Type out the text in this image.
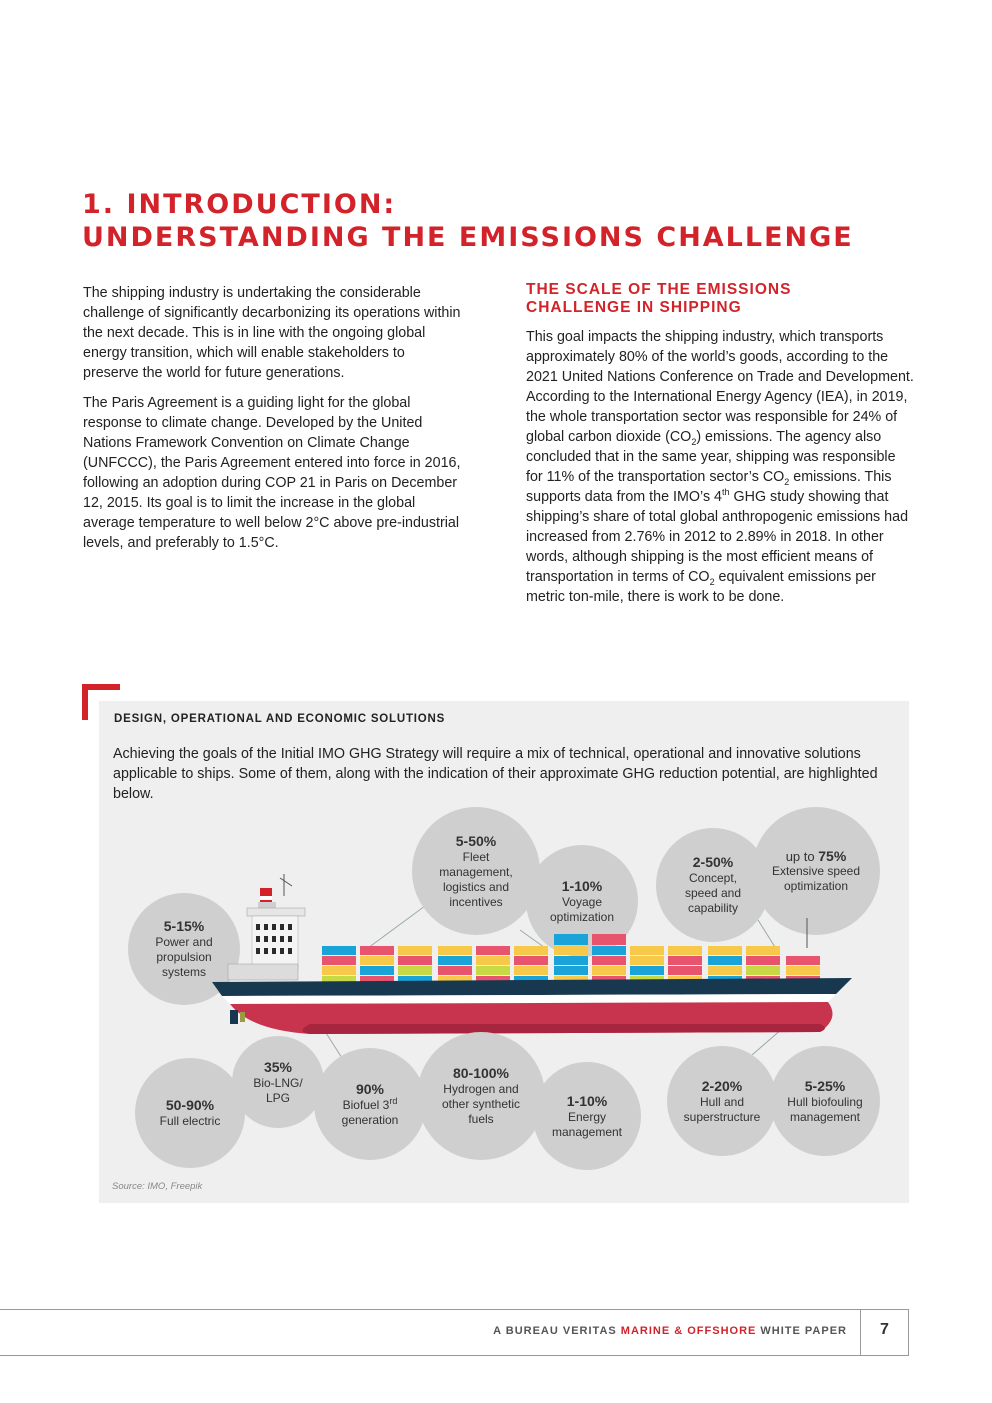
1. INTRODUCTION:
UNDERSTANDING THE EMISSIONS CHALLENGE

The shipping industry is undertaking the considerable challenge of significantly decarbonizing its operations within the next decade. This is in line with the ongoing global energy transition, which will enable stakeholders to preserve the world for future generations.

The Paris Agreement is a guiding light for the global response to climate change. Developed by the United Nations Framework Convention on Climate Change (UNFCCC), the Paris Agreement entered into force in 2016, following an adoption during COP 21 in Paris on December 12, 2015. Its goal is to limit the increase in the global average temperature to well below 2°C above pre-industrial levels, and preferably to 1.5°C.

THE SCALE OF THE EMISSIONS
CHALLENGE IN SHIPPING

This goal impacts the shipping industry, which transports approximately 80% of the world’s goods, according to the 2021 United Nations Conference on Trade and Development. According to the International Energy Agency (IEA), in 2019, the whole transportation sector was responsible for 24% of global carbon dioxide $(CO_2)$ emissions. The agency also concluded that in the same year, shipping was responsible for 11% of the transportation sector’s $CO_2$ emissions. This supports data from the IMO’s 4th GHG study showing that shipping’s share of total global anthropogenic emissions had increased from 2.76% in 2012 to 2.89% in 2018. In other words, although shipping is the most efficient means of transportation in terms of $CO_2$ equivalent emissions per metric ton-mile, there is work to be done.

DESIGN, OPERATIONAL AND ECONOMIC SOLUTIONS
Achieving the goals of the Initial IMO GHG Strategy will require a mix of technical, operational and innovative solutions applicable to ships. Some of them, along with the indication of their approximate GHG reduction potential, are highlighted below.
5-50%
Fleet management, logistics and incentives
1-10%
Voyage optimization
2-50%
Concept, speed and capability
up to 75%
Extensive speed optimization
5-15%
Power and propulsion systems
50-90%
Full electric
35%
Bio-LNG/ LPG
90%
Biofuel 3rd
generation
80-100%
Hydrogen and other synthetic fuels
1-10%
Energy management
2-20%
Hull and superstructure
5-25%
Hull biofouling management
Source: IMO, Freepik
A BUREAU VERITAS MARINE & OFFSHORE WHITE PAPER	7
